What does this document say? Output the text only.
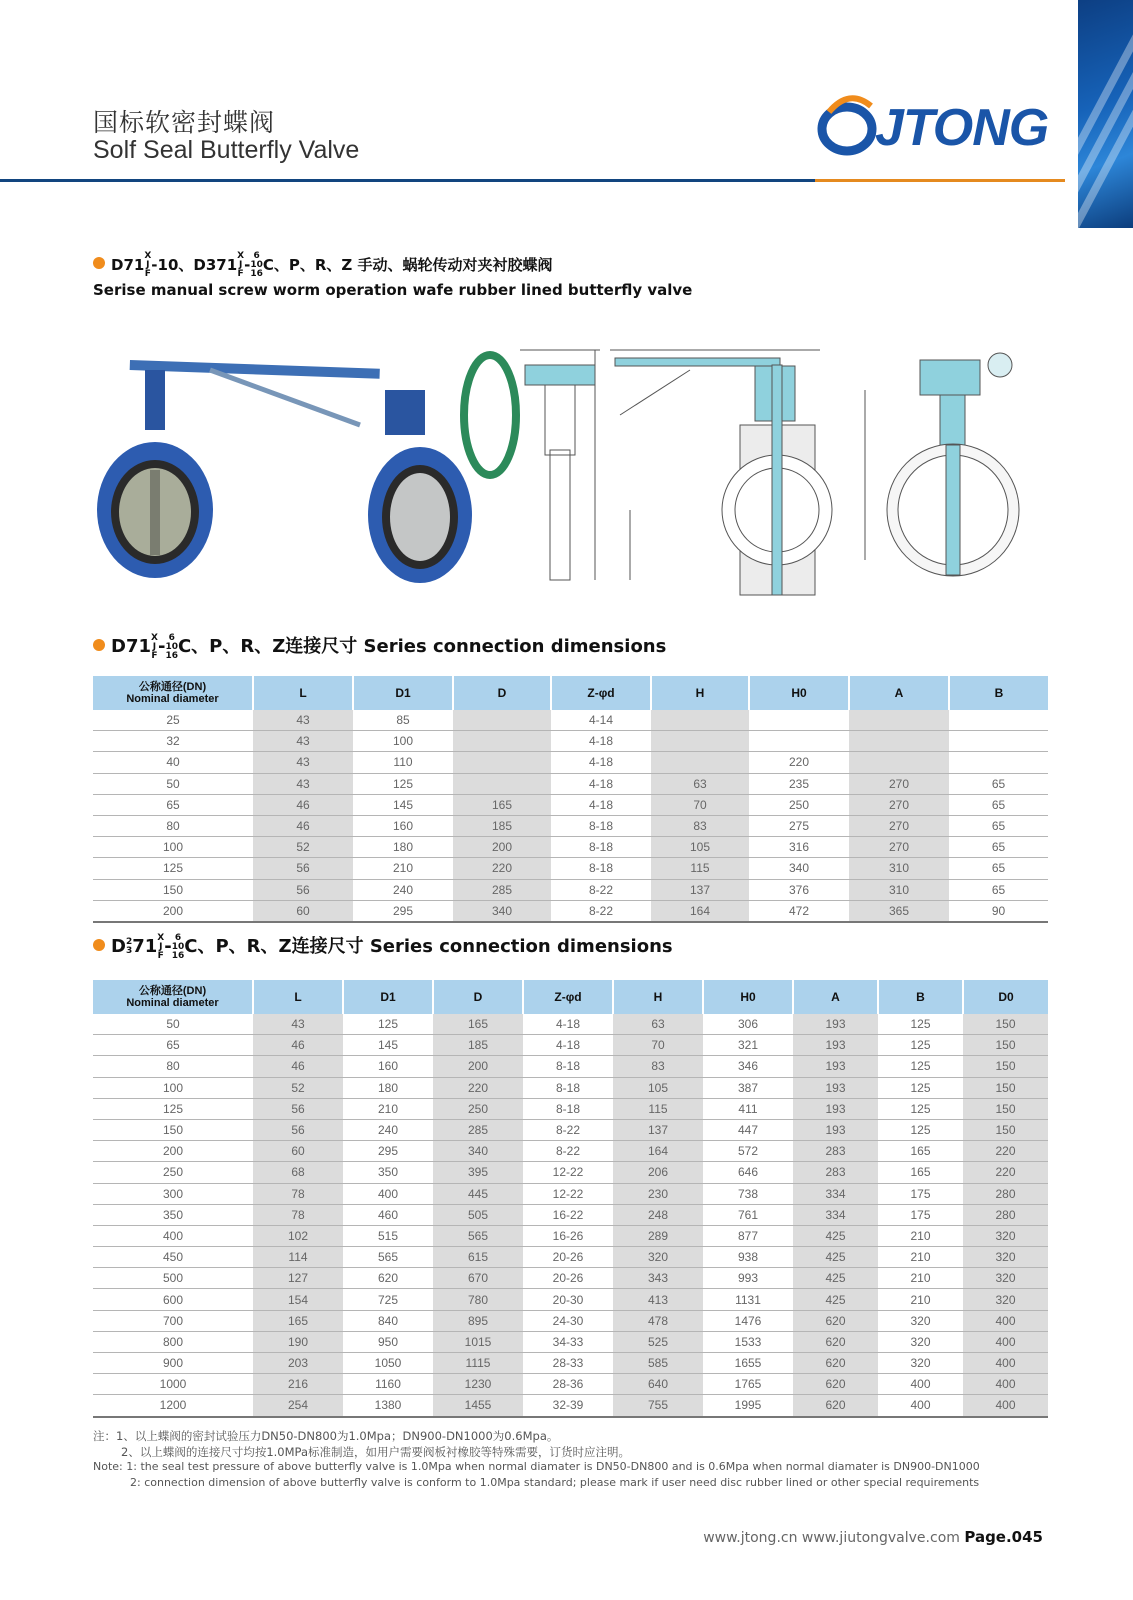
国标软密封蝶阀
Solf Seal Butterfly Valve	JTONG
D71X
J
F-10、D371X
J
F- 6
10
16C、P、R、Z 手动、蜗轮传动对夹衬胶蝶阀
Serise manual screw worm operation wafe rubber lined butterfly valve
D71X
J
F- 6
10
16C、P、R、Z连接尺寸 Series connection dimensions
公称通径(DN)
Nominal diameter	L	D1	D	Z-φd	H	H0	A	B
25	43	85		4-14				
32	43	100		4-18				
40	43	110		4-18		220		
50	43	125		4-18	63	235	270	65
65	46	145	165	4-18	70	250	270	65
80	46	160	185	8-18	83	275	270	65
100	52	180	200	8-18	105	316	270	65
125	56	210	220	8-18	115	340	310	65
150	56	240	285	8-22	137	376	310	65
200	60	295	340	8-22	164	472	365	90
D2
371X
J
F- 6
10
16C、P、R、Z连接尺寸 Series connection dimensions
公称通径(DN)
Nominal diameter	L	D1	D	Z-φd	H	H0	A	B	D0
50	43	125	165	4-18	63	306	193	125	150
65	46	145	185	4-18	70	321	193	125	150
80	46	160	200	8-18	83	346	193	125	150
100	52	180	220	8-18	105	387	193	125	150
125	56	210	250	8-18	115	411	193	125	150
150	56	240	285	8-22	137	447	193	125	150
200	60	295	340	8-22	164	572	283	165	220
250	68	350	395	12-22	206	646	283	165	220
300	78	400	445	12-22	230	738	334	175	280
350	78	460	505	16-22	248	761	334	175	280
400	102	515	565	16-26	289	877	425	210	320
450	114	565	615	20-26	320	938	425	210	320
500	127	620	670	20-26	343	993	425	210	320
600	154	725	780	20-30	413	1131	425	210	320
700	165	840	895	24-30	478	1476	620	320	400
800	190	950	1015	34-33	525	1533	620	320	400
900	203	1050	1115	28-33	585	1655	620	320	400
1000	216	1160	1230	28-36	640	1765	620	400	400
1200	254	1380	1455	32-39	755	1995	620	400	400
注：1、以上蝶阀的密封试验压力DN50-DN800为1.0Mpa；DN900-DN1000为0.6Mpa。
2、以上蝶阀的连接尺寸均按1.0MPa标准制造，如用户需要阀板衬橡胶等特殊需要，订货时应注明。
Note: 1: the seal test pressure of above butterfly valve is 1.0Mpa when normal diamater is DN50-DN800 and is 0.6Mpa when normal diamater is DN900-DN1000
2: connection dimension of above butterfly valve is conform to 1.0Mpa standard; please mark if user need disc rubber lined or other special requirements
www.jtong.cn www.jiutongvalve.com Page.045
